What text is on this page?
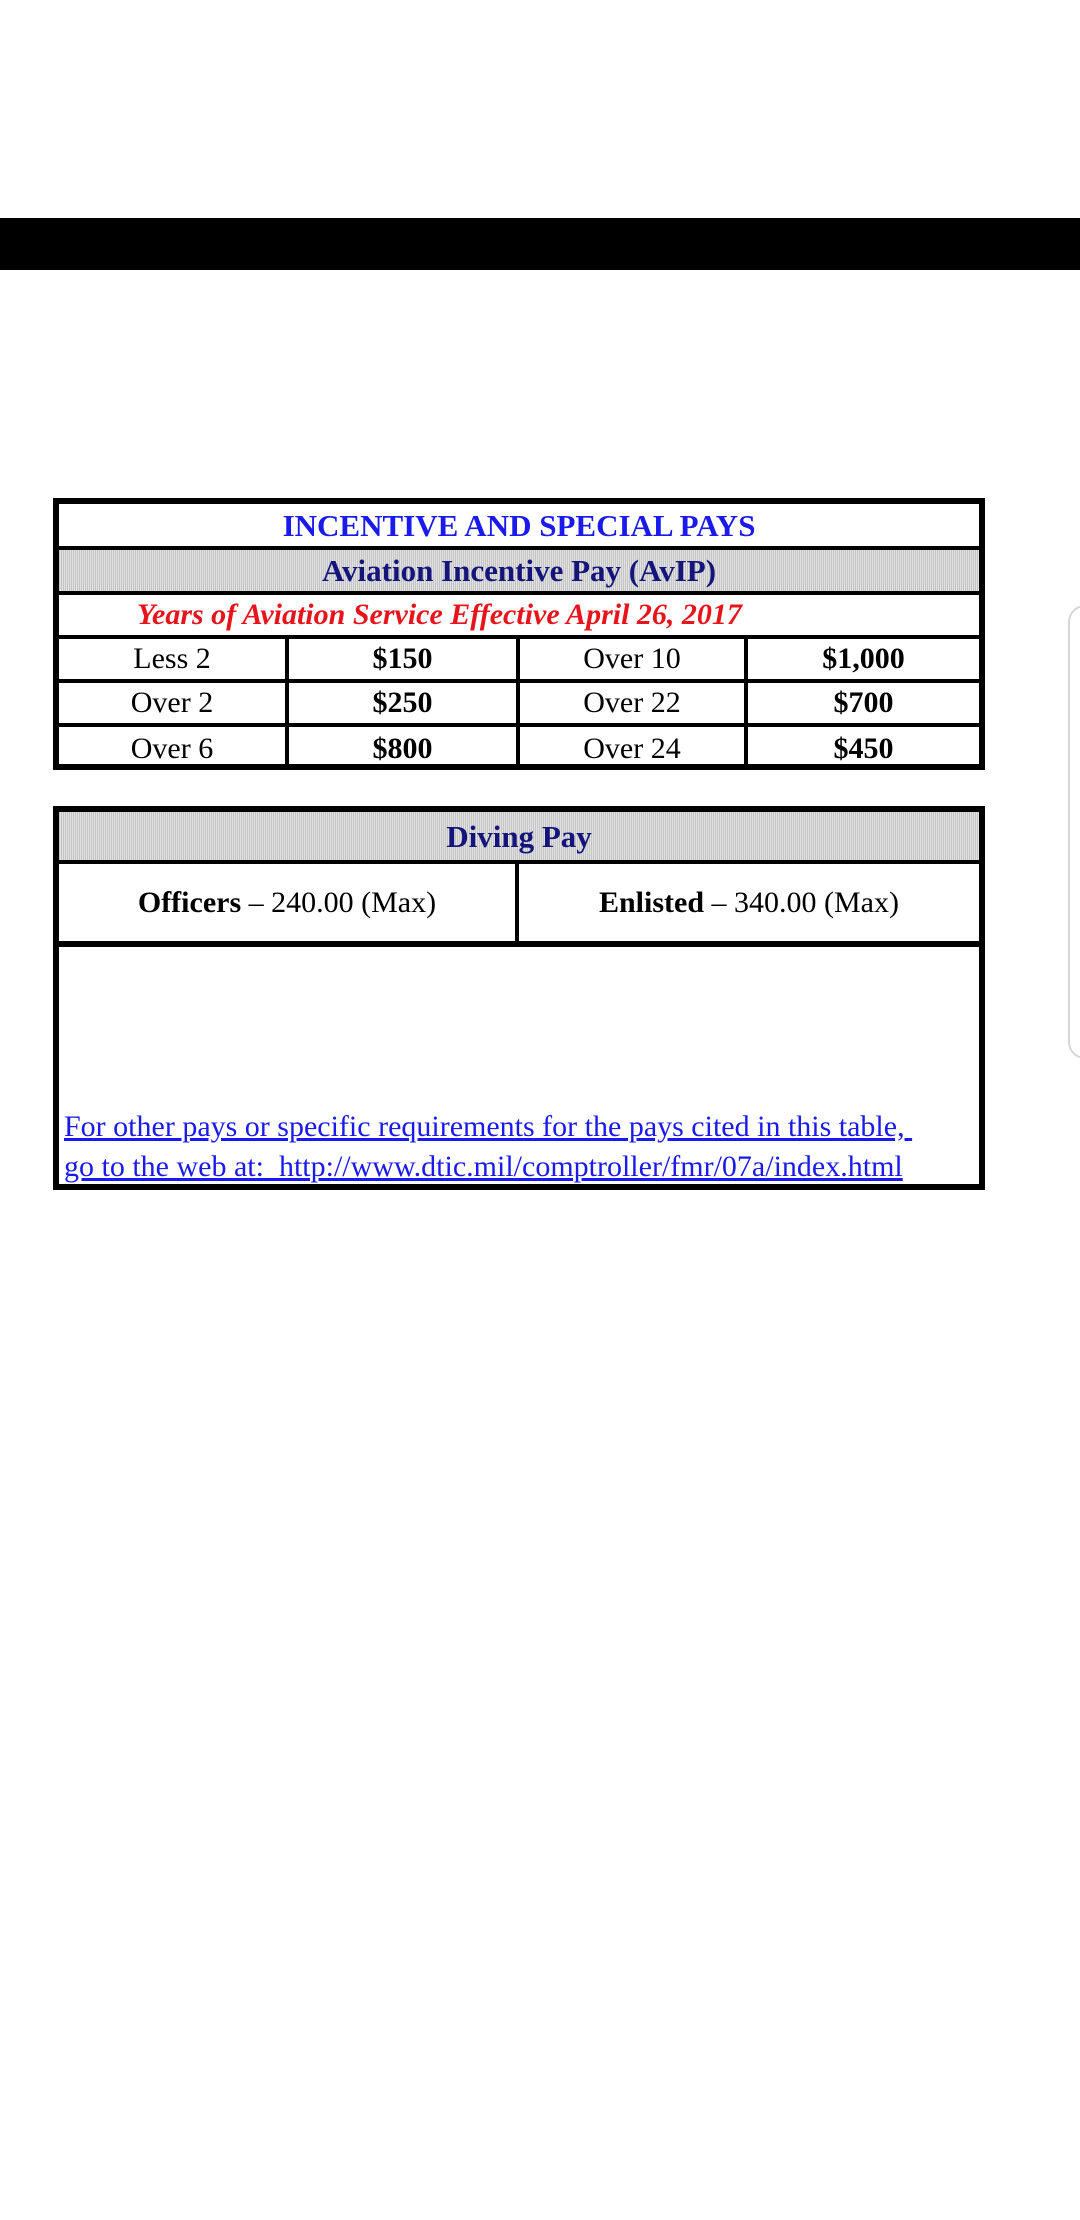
INCENTIVE AND SPECIAL PAYS
Aviation Incentive Pay (AvIP)
Years of Aviation Service Effective April 26, 2017
Less 2	$150	Over 10	$1,000
Over 2	$250	Over 22	$700
Over 6	$800	Over 24	$450
Diving Pay
Officers – 240.00 (Max)	Enlisted – 340.00 (Max)
For other pays or specific requirements for the pays cited in this table,
go to the web at:  http://www.dtic.mil/comptroller/fmr/07a/index.html
